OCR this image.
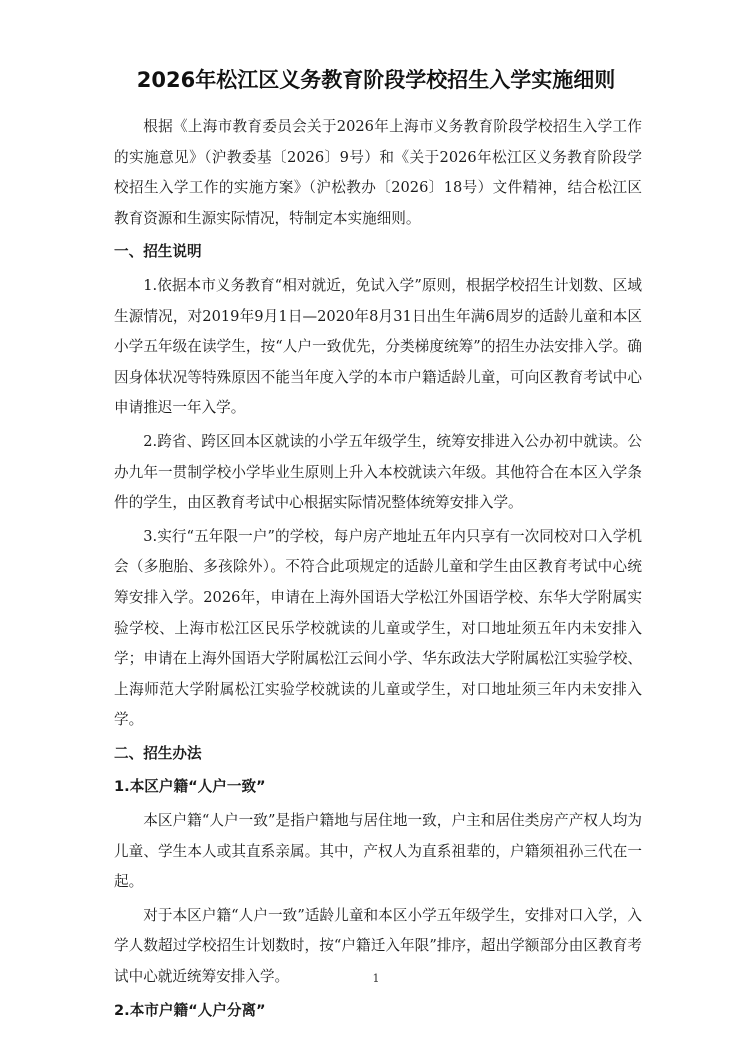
2026年松江区义务教育阶段学校招生入学实施细则

根据《上海市教育委员会关于2026年上海市义务教育阶段学校招生入学工作的实施意见》（沪教委基〔2026〕9号）和《关于2026年松江区义务教育阶段学校招生入学工作的实施方案》（沪松教办〔2026〕18号）文件精神，结合松江区教育资源和生源实际情况，特制定本实施细则。

一、招生说明

1.依据本市义务教育“相对就近，免试入学”原则，根据学校招生计划数、区域生源情况，对2019年9月1日—2020年8月31日出生年满6周岁的适龄儿童和本区小学五年级在读学生，按“人户一致优先，分类梯度统筹”的招生办法安排入学。确因身体状况等特殊原因不能当年度入学的本市户籍适龄儿童，可向区教育考试中心申请推迟一年入学。

2.跨省、跨区回本区就读的小学五年级学生，统筹安排进入公办初中就读。公办九年一贯制学校小学毕业生原则上升入本校就读六年级。其他符合在本区入学条件的学生，由区教育考试中心根据实际情况整体统筹安排入学。

3.实行“五年限一户”的学校，每户房产地址五年内只享有一次同校对口入学机会（多胞胎、多孩除外）。不符合此项规定的适龄儿童和学生由区教育考试中心统筹安排入学。2026年，申请在上海外国语大学松江外国语学校、东华大学附属实验学校、上海市松江区民乐学校就读的儿童或学生，对口地址须五年内未安排入学；申请在上海外国语大学附属松江云间小学、华东政法大学附属松江实验学校、上海师范大学附属松江实验学校就读的儿童或学生，对口地址须三年内未安排入学。

二、招生办法
1.本区户籍“人户一致”

本区户籍“人户一致”是指户籍地与居住地一致，户主和居住类房产产权人均为儿童、学生本人或其直系亲属。其中，产权人为直系祖辈的，户籍须祖孙三代在一起。

对于本区户籍“人户一致”适龄儿童和本区小学五年级学生，安排对口入学，入学人数超过学校招生计划数时，按“户籍迁入年限”排序，超出学额部分由区教育考试中心就近统筹安排入学。

2.本市户籍“人户分离”
1
